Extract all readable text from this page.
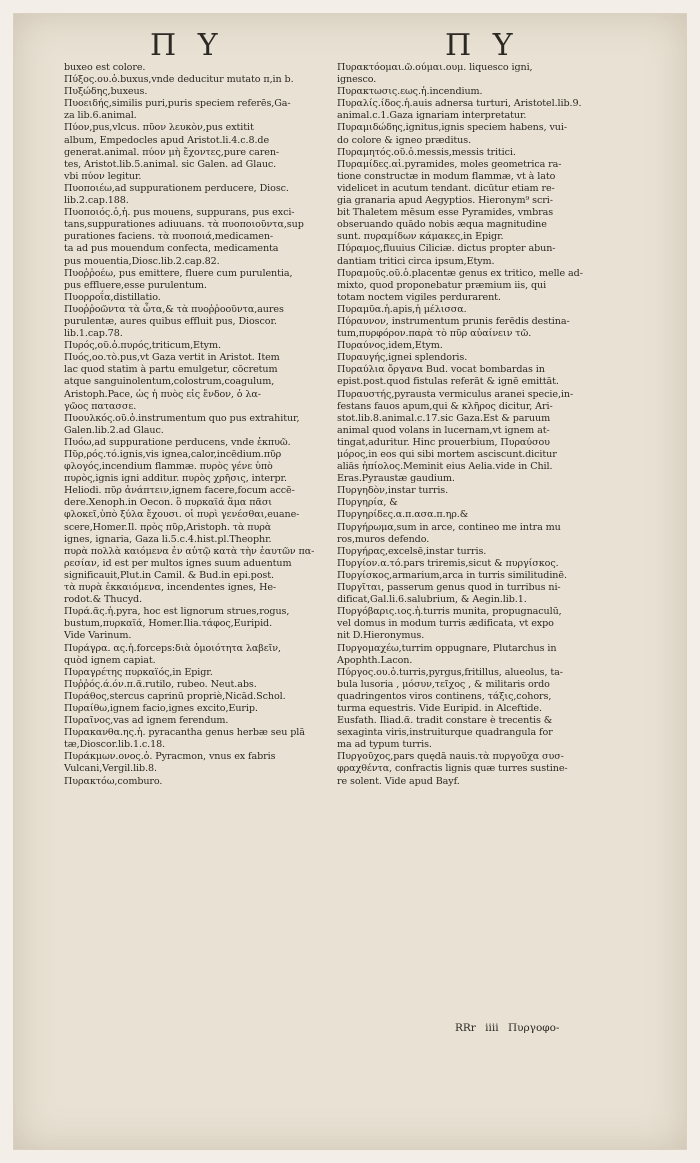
Π Υ	Π Υ
buxeo est colore.
Πύξος.ου.ὁ.buxus,vnde deducitur mutato π,in b.
Πυξώδης,buxeus.
Πυοειδής,similis puri,puris speciem referēs,Ga-
za lib.6.animal.
Πύον,pus,vlcus. πῦον λευκὸν,pus extitit
album, Empedocles apud Aristot.li.4.c.8.de
generat.animal. πύον μὴ ἔχοντες,pure caren-
tes, Aristot.lib.5.animal. sic Galen. ad Glauc.
vbi πύον legitur.
Πυοποιέω,ad suppurationem perducere, Diosc.
lib.2.cap.188.
Πυοποιός.ὁ,ἡ. pus mouens, suppurans, pus exci-
tans,suppurationes adiuuans. τὰ πυοποιοῦντα,sup
purationes faciens. τὰ πυοποιά,medicamen-
ta ad pus mouendum confecta, medicamenta
pus mouentia,Diosc.lib.2.cap.82.
Πυοῤῥοέω, pus emittere, fluere cum purulentia,
pus effluere,esse purulentum.
Πυορροΐα,distillatio.
Πυοῤῥοῶντα τὰ ὦτα,& τὰ πυοῤῥοοῦντα,aures
purulentæ, aures quibus effluit pus, Dioscor.
lib.1.cap.78.
Πυρός,οῦ.ὁ.πυρός,triticum,Etym.
Πυός,οο.τὸ.pus,vt Gaza vertit in Aristot. Item
lac quod statim à partu emulgetur, cōcretum
atque sanguinolentum,colostrum,coagulum,
Aristoph.Pace, ὡς ἡ πυὸς εἰς ἔνδον, ὁ λα-
γῶος πατασσε.
Πυουλκός.οῦ.ὁ.instrumentum quo pus extrahitur,
Galen.lib.2.ad Glauc.
Πυόω,ad suppuratione perducens, vnde ἐκπυῶ.
Πῦρ,ρός.τό.ignis,vis ignea,calor,incēdium.πῦρ
φλογός,incendium flammæ. πυρὸς γένε ὑπὸ
πυρὸς,ignis igni additur. πυρὸς χρῆσις, interpr.
Heliodi. πῦρ ἀνάπτειν,ignem facere,focum accē-
dere.Xenoph.in Oecon. ὃ πυρκαϊά ἅμα πᾶσι
φλοκεῖ,ὑπὸ ξύλα ἔχουσι. οἱ πυρὶ γενέσθαι,euane-
scere,Homer.Il. πρὸς πῦρ,Aristoph. τὰ πυρὰ
ignes, ignaria, Gaza li.5.c.4.hist.pl.Theophr.
πυρὰ πολλὰ καιόμενα ἐν αὐτῷ κατὰ τὴν ἑαυτῶν πα-
ρεσίαν, id est per multos ignes suum aduentum
significauit,Plut.in Camil. & Bud.in epi.post.
τὰ πυρὰ ἐκκαιόμενα, incendentes ignes, He-
rodot.& Thucyd.
Πυρά.ᾶς.ἡ.pyra, hoc est lignorum strues,rogus,
bustum,πυρκαϊά, Homer.Ilia.τάφος,Euripid.
Vide Varinum.
Πυράγρα. ας.ἡ.forceps:διὰ ὁμοιότητα λαβεῖν,
quòd ignem capiat.
Πυραγρέτης πυρκαϊός,in Epigr.
Πυῤῥός.ά.όν.π.ᾶ.rutilo, rubeo. Neut.abs.
Πυράθος,stercus caprinū propriè,Nicād.Schol.
Πυραίθω,ignem facio,ignes excito,Eurip.
Πυραῖνος,vas ad ignem ferendum.
Πυρακανθα.ης.ἡ. pyracantha genus herbæ seu plā
tæ,Dioscor.lib.1.c.18.
Πυράκμων.ονος.ὁ. Pyracmon, vnus ex fabris
Vulcani,Vergil.lib.8.
Πυρακτόω,comburo.
Πυρακτόομαι.ῶ.ούμαι.ουμ. liquesco igni,
ignesco.
Πυρακτωσις.εως.ἡ.incendium.
Πυραλίς.ίδος.ἡ.auis adnersa turturi, Aristotel.lib.9.
animal.c.1.Gaza ignariam interpretatur.
Πυραμιδώδης,ignitus,ignis speciem habens, vui-
do colore & igneo præditus.
Πυραμητός.οῦ.ὁ.messis,messis tritici.
Πυραμίδες.αἱ.pyramides, moles geometrica ra-
tione constructæ in modum flammæ, vt à lato
videlicet in acutum tendant. dicūtur etiam re-
gia granaria apud Aegyptios. Hieronym⁹ scri-
bit Thaletem mēsum esse Pyramides, vmbras
obseruando quādo nobis æqua magnitudine
sunt. πυραμίδων κάμακες,in Epigr.
Πύραμος,fluuius Ciliciæ. dictus propter abun-
dantiam tritici circa ipsum,Etym.
Πυραμοῦς.οῦ.ὁ.placentæ genus ex tritico, melle ad-
mixto, quod proponebatur præmium iis, qui
totam noctem vigiles perdurarent.
Πυραμῦα.ἡ.apis,ἡ μέλισσα.
Πύραυνον, instrumentum prunis ferēdis destina-
tum,πυρφόρον.παρὰ τὸ πῦρ αὐαίνειν τῶ.
Πυραύνος,idem,Etym.
Πυραυγής,ignei splendoris.
Πυραύλια ὄργανα Bud. vocat bombardas in
epist.post.quod fistulas referāt & ignē emittāt.
Πυραυστής,pyrausta vermiculus aranei specie,in-
festans fauos apum,qui & κλῆρος dicitur, Ari-
stot.lib.8.animal.c.17.sic Gaza.Est & paruum
animal quod volans in lucernam,vt ignem at-
tingat,aduritur. Hinc prouerbium, Πυραύσου
μόρος,in eos qui sibi mortem asciscunt.dicitur
aliās ἠπίολος.Meminit eius Aelia.vide in Chil.
Eras.Pyraustæ gaudium.
Πυργηδὸν,instar turris.
Πυργηρία, &
Πυργηρίδες.α.π.ασα.π.ηρ.&
Πυργήρωμα,sum in arce, contineo me intra mu
ros,muros defendo.
Πυργήρας,excelsē,instar turris.
Πυργίον.α.τό.pars triremis,sicut & πυργίσκος.
Πυργίσκος,armarium,arca in turris similitudinē.
Πυργῖται, passerum genus quod in turribus ni-
dificat,Gal.li.6.salubrium, & Aegin.lib.1.
Πυργόβαρις.ιος.ἡ.turris munita, propugnaculū,
vel domus in modum turris ædificata, vt expo
nit D.Hieronymus.
Πυργομαχέω,turrim oppugnare, Plutarchus in
Apophth.Lacon.
Πύργος.ου.ὁ.turris,pyrgus,fritillus, alueolus, ta-
bula lusoria , μόσυν,τεῖχος , & militaris ordo
quadringentos viros continens, τάξις,cohors,
turma equestris. Vide Euripid. in Alceftide.
Eusfath. Iliad.ᾶ. tradit constare è trecentis &
sexaginta viris,instruiturque quadrangula for
ma ad typum turris.
Πυργοῦχος,pars quędā nauis.τὰ πυργοῦχα συσ-
φραχθέντα, confractis lignis quæ turres sustine-
re solent. Vide apud Bayf.
RRr iiii Πυργοφο-
